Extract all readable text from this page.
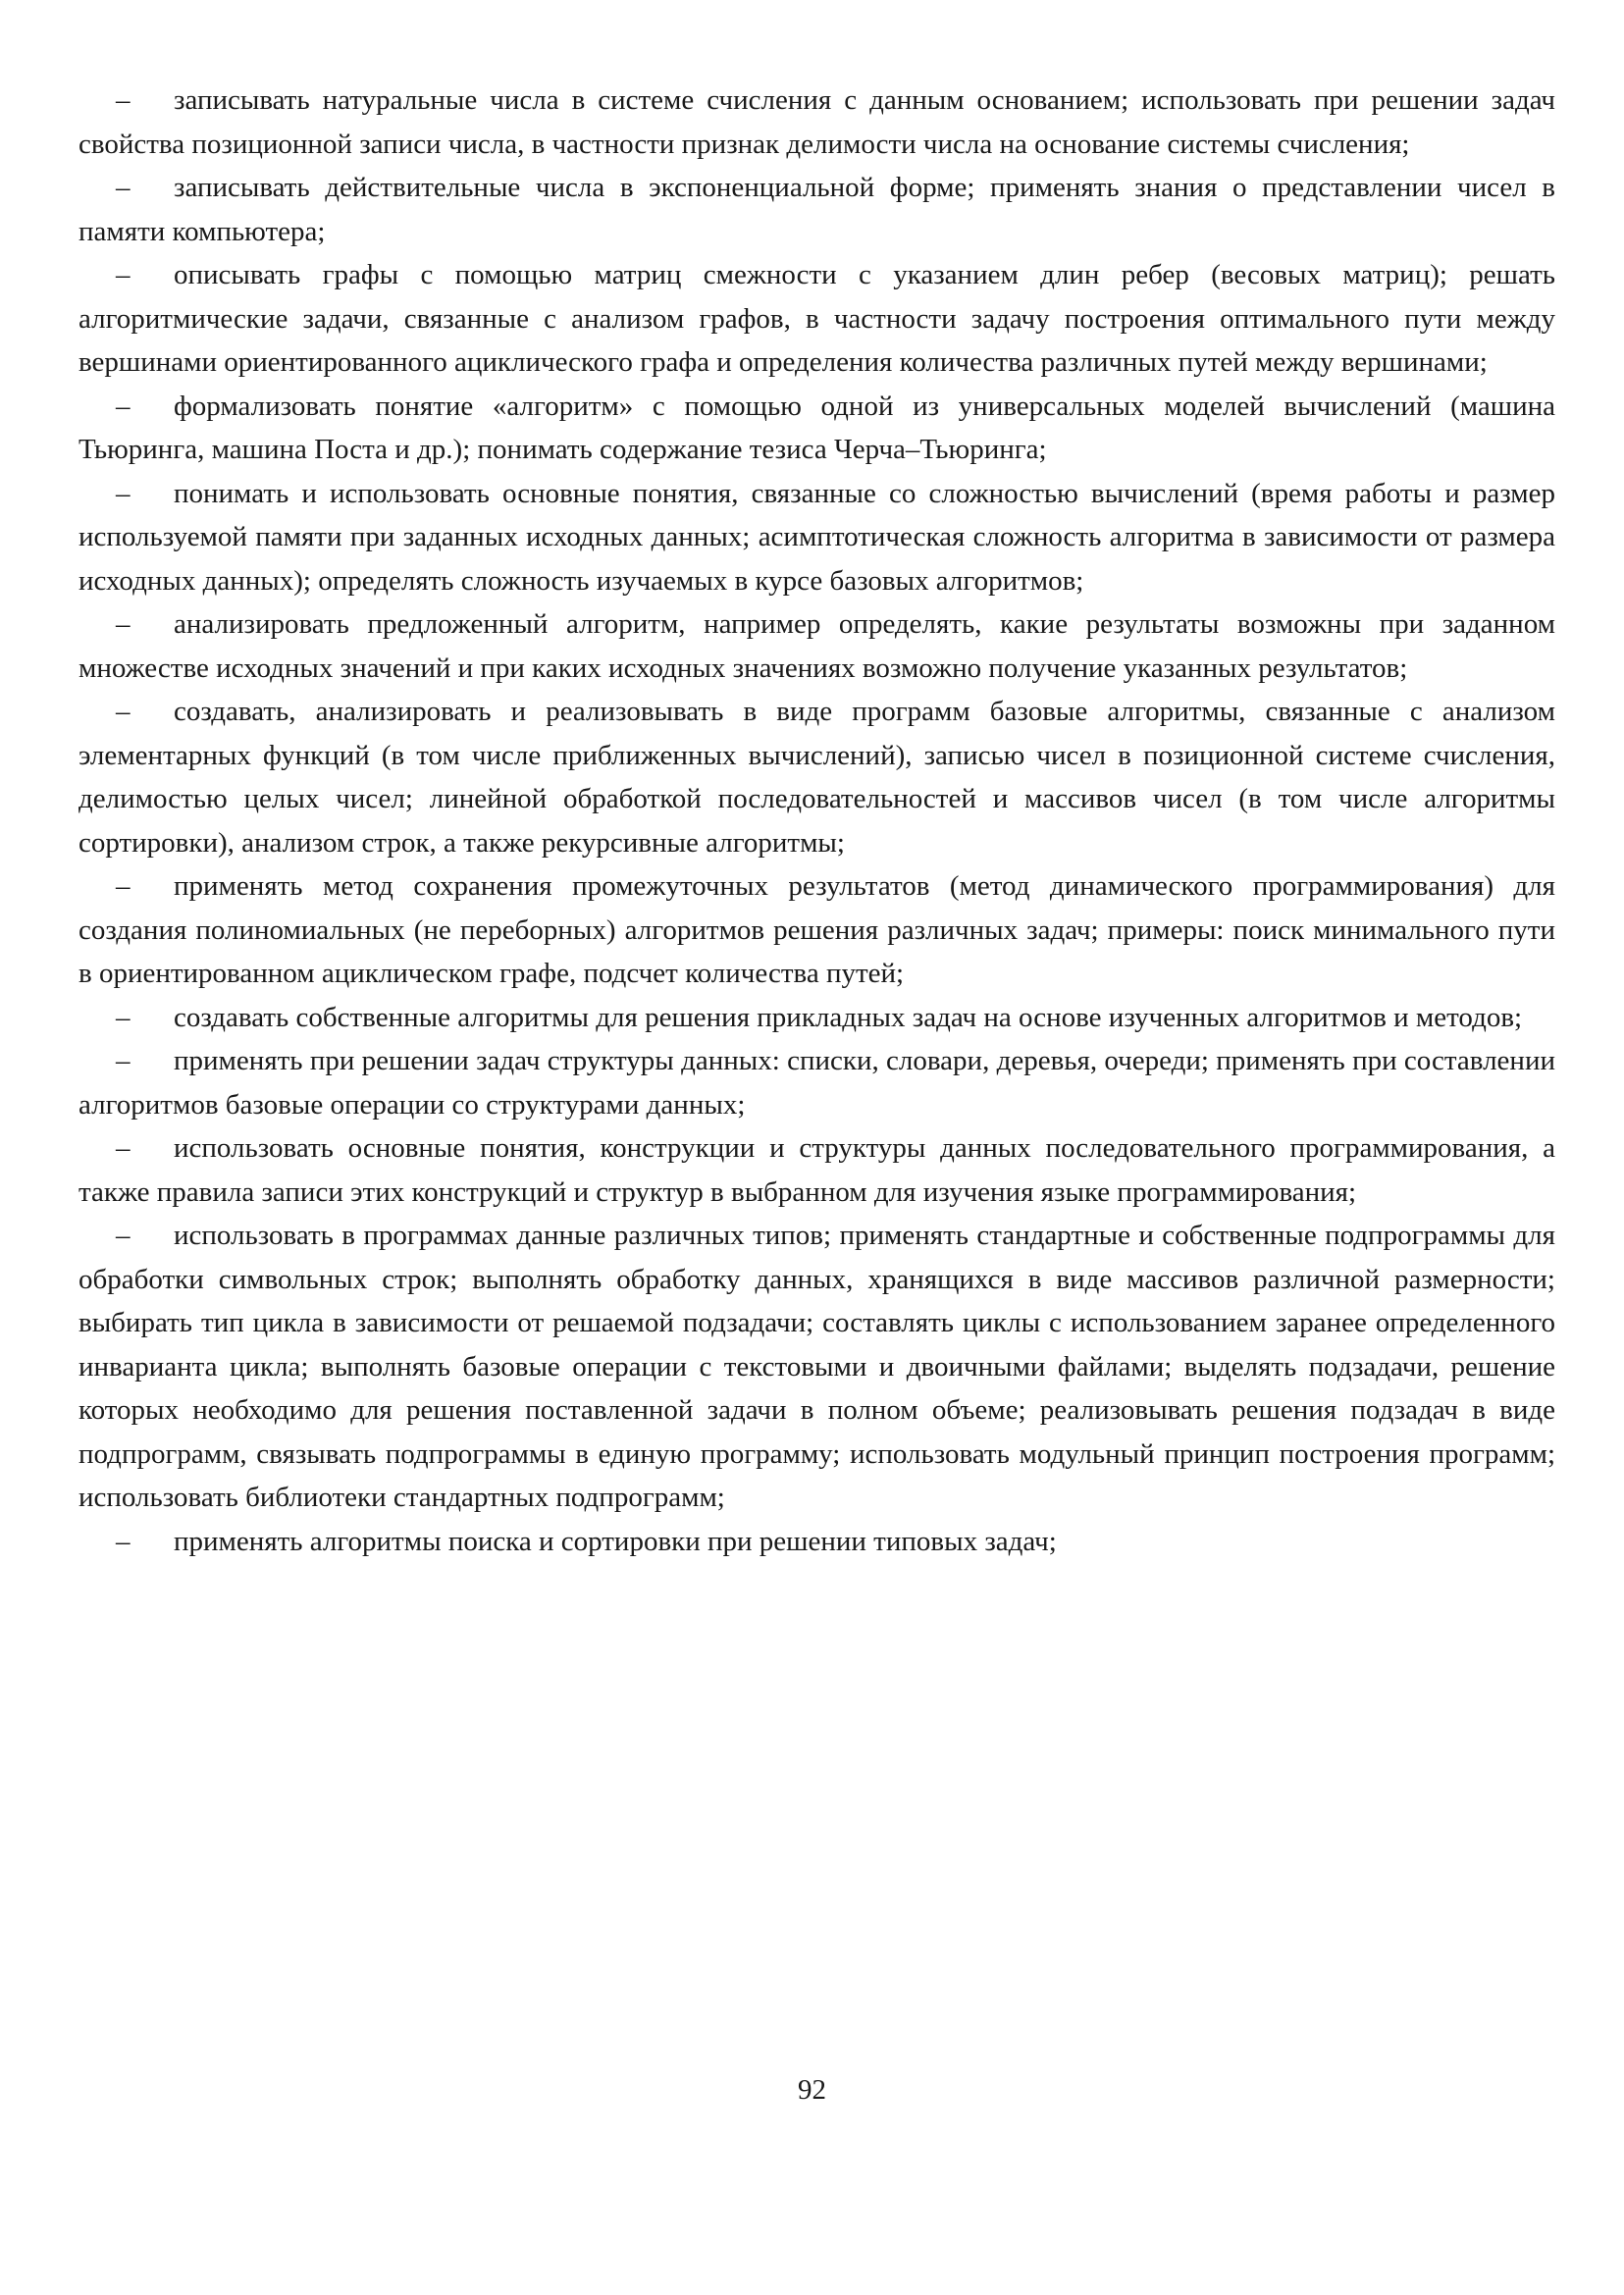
–	записывать натуральные числа в системе счисления с данным основанием; использовать при решении задач свойства позиционной записи числа, в частности признак делимости числа на основание системы счисления;

–	записывать действительные числа в экспоненциальной форме; применять знания о представлении чисел в памяти компьютера;

–	описывать графы с помощью матриц смежности с указанием длин ребер (весовых матриц); решать алгоритмические задачи, связанные с анализом графов, в частности задачу построения оптимального пути между вершинами ориентированного ациклического графа и определения количества различных путей между вершинами;

–	формализовать понятие «алгоритм» с помощью одной из универсальных моделей вычислений (машина Тьюринга, машина Поста и др.); понимать содержание тезиса Черча–Тьюринга;

–	понимать и использовать основные понятия, связанные со сложностью вычислений (время работы и размер используемой памяти при заданных исходных данных; асимптотическая сложность алгоритма в зависимости от размера исходных данных); определять сложность изучаемых в курсе базовых алгоритмов;

–	анализировать предложенный алгоритм, например определять, какие результаты возможны при заданном множестве исходных значений и при каких исходных значениях возможно получение указанных результатов;

–	создавать, анализировать и реализовывать в виде программ базовые алгоритмы, связанные с анализом элементарных функций (в том числе приближенных вычислений), записью чисел в позиционной системе счисления, делимостью целых чисел; линейной обработкой последовательностей и массивов чисел (в том числе алгоритмы сортировки), анализом строк, а также рекурсивные алгоритмы;

–	применять метод сохранения промежуточных результатов (метод динамического программирования) для создания полиномиальных (не переборных) алгоритмов решения различных задач; примеры: поиск минимального пути в ориентированном ациклическом графе, подсчет количества путей;

–	создавать собственные алгоритмы для решения прикладных задач на основе изученных алгоритмов и методов;

–	применять при решении задач структуры данных: списки, словари, деревья, очереди; применять при составлении алгоритмов базовые операции со структурами данных;

–	использовать основные понятия, конструкции и структуры данных последовательного программирования, а также правила записи этих конструкций и структур в выбранном для изучения языке программирования;

–	использовать в программах данные различных типов; применять стандартные и собственные подпрограммы для обработки символьных строк; выполнять обработку данных, хранящихся в виде массивов различной размерности; выбирать тип цикла в зависимости от решаемой подзадачи; составлять циклы с использованием заранее определенного инварианта цикла; выполнять базовые операции с текстовыми и двоичными файлами; выделять подзадачи, решение которых необходимо для решения поставленной задачи в полном объеме; реализовывать решения подзадач в виде подпрограмм, связывать подпрограммы в единую программу; использовать модульный принцип построения программ; использовать библиотеки стандартных подпрограмм;

–	применять алгоритмы поиска и сортировки при решении типовых задач;

92
